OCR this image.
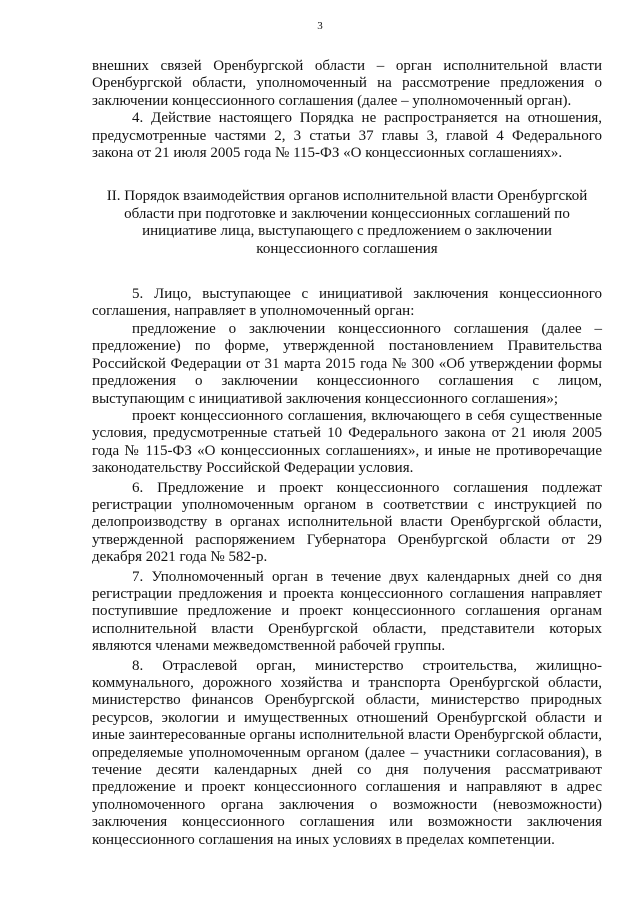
3

внешних связей Оренбургской области – орган исполнительной власти Оренбургской области, уполномоченный на рассмотрение предложения о заключении концессионного соглашения (далее – уполномоченный орган).

4. Действие настоящего Порядка не распространяется на отношения, предусмотренные частями 2, 3 статьи 37 главы 3, главой 4 Федерального закона от 21 июля 2005 года № 115-ФЗ «О концессионных соглашениях».

II. Порядок взаимодействия органов исполнительной власти Оренбургской
области при подготовке и заключении концессионных соглашений по
инициативе лица, выступающего с предложением о заключении
концессионного соглашения

5. Лицо, выступающее с инициативой заключения концессионного соглашения, направляет в уполномоченный орган:

предложение о заключении концессионного соглашения (далее – предложение) по форме, утвержденной постановлением Правительства Российской Федерации от 31 марта 2015 года № 300 «Об утверждении формы предложения о заключении концессионного соглашения с лицом, выступающим с инициативой заключения концессионного соглашения»;

проект концессионного соглашения, включающего в себя существенные условия, предусмотренные статьей 10 Федерального закона от 21 июля 2005 года № 115-ФЗ «О концессионных соглашениях», и иные не противоречащие законодательству Российской Федерации условия.

6. Предложение и проект концессионного соглашения подлежат регистрации уполномоченным органом в соответствии с инструкцией по делопроизводству в органах исполнительной власти Оренбургской области, утвержденной распоряжением Губернатора Оренбургской области от 29 декабря 2021 года № 582-р.

7. Уполномоченный орган в течение двух календарных дней со дня регистрации предложения и проекта концессионного соглашения направляет поступившие предложение и проект концессионного соглашения органам исполнительной власти Оренбургской области, представители которых являются членами межведомственной рабочей группы.

8. Отраслевой орган, министерство строительства, жилищно-коммунального, дорожного хозяйства и транспорта Оренбургской области, министерство финансов Оренбургской области, министерство природных ресурсов, экологии и имущественных отношений Оренбургской области и иные заинтересованные органы исполнительной власти Оренбургской области, определяемые уполномоченным органом (далее – участники согласования), в течение десяти календарных дней со дня получения рассматривают предложение и проект концессионного соглашения и направляют в адрес уполномоченного органа заключения о возможности (невозможности) заключения концессионного соглашения или возможности заключения концессионного соглашения на иных условиях в пределах компетенции.
